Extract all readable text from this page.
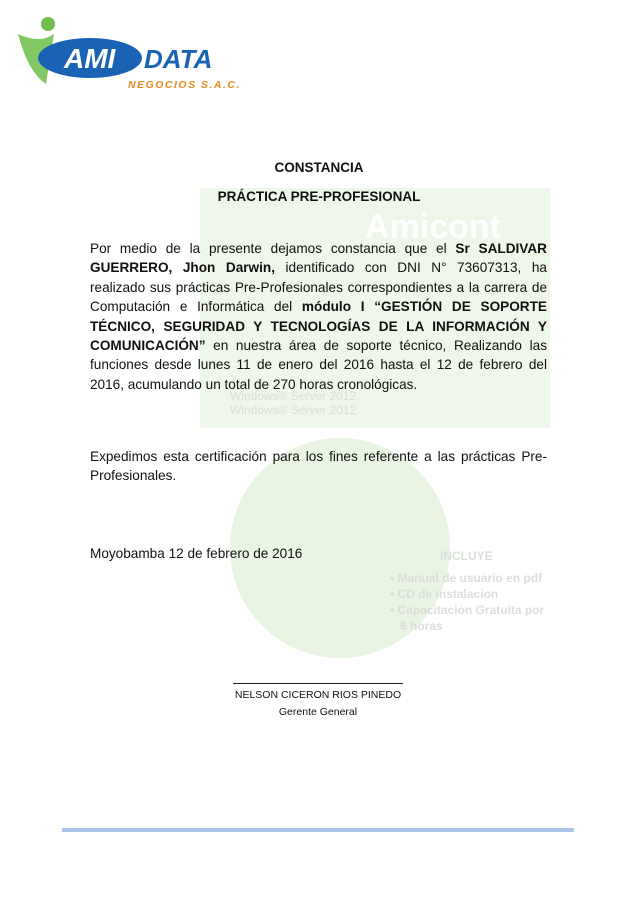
AMI DATA
NEGOCIOS S.A.C.
Amicont
Windows® Server 2012
Windows® Server 2012
INCLUYE
• Manual de usuario en pdf
• CD de instalacion
• Capacitacion Gratuita por
6 horas
CONSTANCIA
PRÁCTICA PRE-PROFESIONAL
Por medio de la presente dejamos constancia que el Sr SALDIVAR GUERRERO, Jhon Darwin, identificado con DNI N° 73607313, ha realizado sus prácticas Pre-Profesionales correspondientes a la carrera de Computación e Informática del módulo I “GESTIÓN DE SOPORTE TÉCNICO, SEGURIDAD Y TECNOLOGÍAS DE LA INFORMACIÓN Y COMUNICACIÓN” en nuestra área de soporte técnico, Realizando las funciones desde lunes 11 de enero del 2016 hasta el 12 de febrero del 2016, acumulando un total de 270 horas cronológicas.
Expedimos esta certificación para los fines referente a las prácticas Pre-Profesionales.
Moyobamba 12 de febrero de 2016
NELSON CICERON RIOS PINEDO
Gerente General
